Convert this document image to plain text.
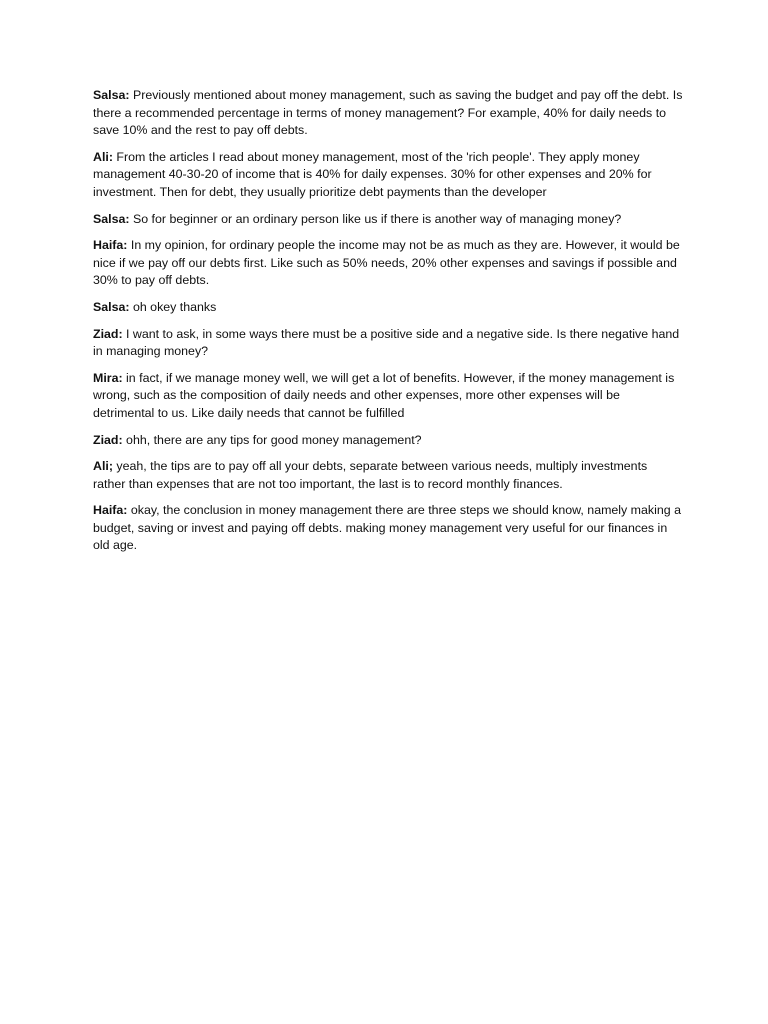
Salsa: Previously mentioned about money management, such as saving the budget and pay off the debt. Is there a recommended percentage in terms of money management? For example, 40% for daily needs to save 10% and the rest to pay off debts.

Ali: From the articles I read about money management, most of the 'rich people'. They apply money management 40-30-20 of income that is 40% for daily expenses. 30% for other expenses and 20% for investment. Then for debt, they usually prioritize debt payments than the developer

Salsa: So for beginner or an ordinary person like us if there is another way of managing money?

Haifa: In my opinion, for ordinary people the income may not be as much as they are. However, it would be nice if we pay off our debts first. Like such as 50% needs, 20% other expenses and savings if possible and 30% to pay off debts.

Salsa: oh okey thanks

Ziad: I want to ask, in some ways there must be a positive side and a negative side. Is there negative hand in managing money?

Mira: in fact, if we manage money well, we will get a lot of benefits. However, if the money management is wrong, such as the composition of daily needs and other expenses, more other expenses will be detrimental to us. Like daily needs that cannot be fulfilled

Ziad: ohh, there are any tips for good money management?

Ali; yeah, the tips are to pay off all your debts, separate between various needs, multiply investments rather than expenses that are not too important, the last is to record monthly finances.

Haifa: okay, the conclusion in money management there are three steps we should know, namely making a budget, saving or invest and paying off debts. making money management very useful for our finances in old age.
